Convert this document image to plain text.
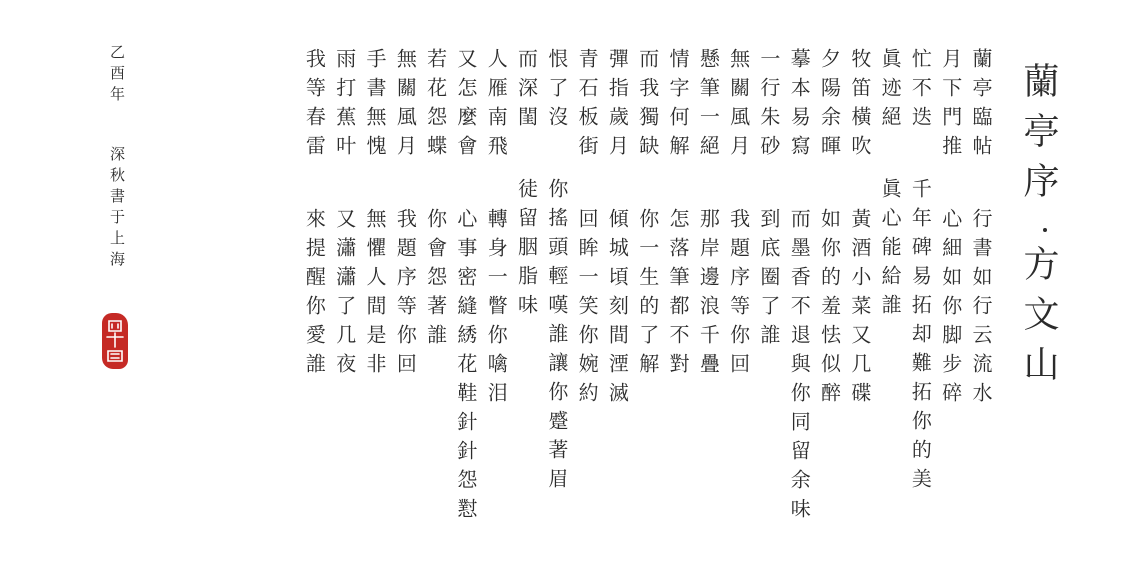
蘭亭序
方文山
蘭亭臨帖
行書如行云流水
月下門推
心細如你脚步碎
忙不迭
千年碑易拓却難拓你的美
眞迹絕
眞心能給誰
牧笛橫吹
黃酒小菜又几碟
夕陽余暉
如你的羞怯似醉
摹本易寫
而墨香不退與你同留余味
一行朱砂
到底圈了誰
無關風月
我題序等你回
懸筆一絕
那岸邊浪千疊
情字何解
怎落筆都不對
而我獨缺
你一生的了解
彈指歲月
傾城頃刻間湮滅
青石板街
回眸一笑你婉約
恨了沒
你搖頭輕嘆誰讓你蹙著眉
而深閨
徒留胭脂味
人雁南飛
轉身一瞥你噙泪
又怎麼會
心事密縫綉花鞋針針怨懟
若花怨蝶
你會怨著誰
無關風月
我題序等你回
手書無愧
無懼人間是非
雨打蕉叶
又瀟瀟了几夜
我等春雷
來提醒你愛誰
乙酉年
深秋書于上海
